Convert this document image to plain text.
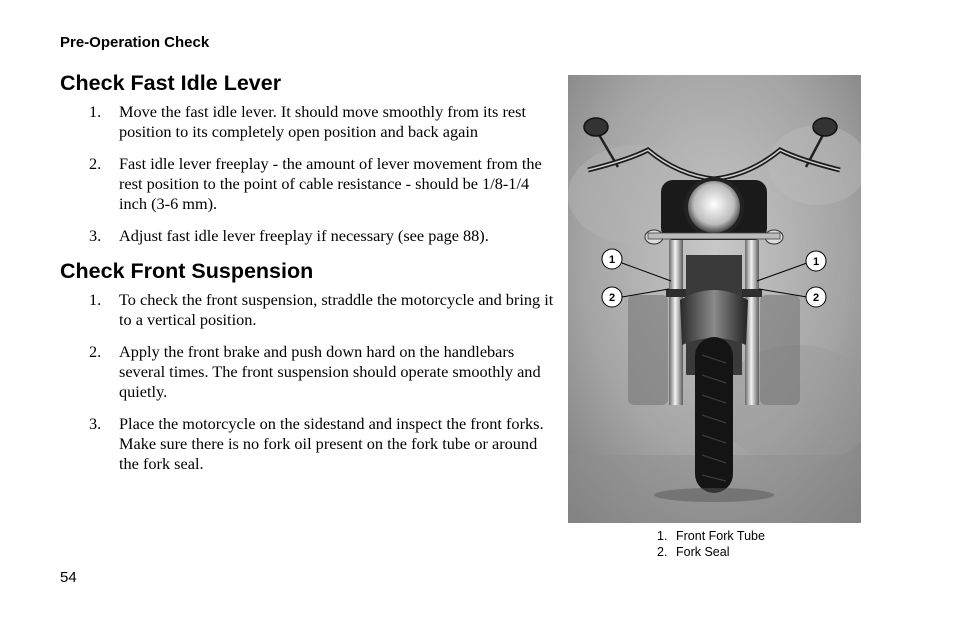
Pre-Operation Check
Check Fast Idle Lever
1.	Move the fast idle lever. It should move smoothly from its rest position to its completely open position and back again
2.	Fast idle lever freeplay - the amount of lever movement from the rest position to the point of cable resistance - should be 1/8-1/4 inch (3-6 mm).
3.	Adjust fast idle lever freeplay if necessary (see page 88).
Check Front Suspension
1.	To check the front suspension, straddle the motorcycle and bring it to a vertical position.
2.	Apply the front brake and push down hard on the handlebars several times. The front suspension should operate smoothly and quietly.
3.	Place the motorcycle on the sidestand and inspect the front forks. Make sure there is no fork oil present on the fork tube or around the fork seal.
1
2
1
2
1. Front Fork Tube
2. Fork Seal
54
